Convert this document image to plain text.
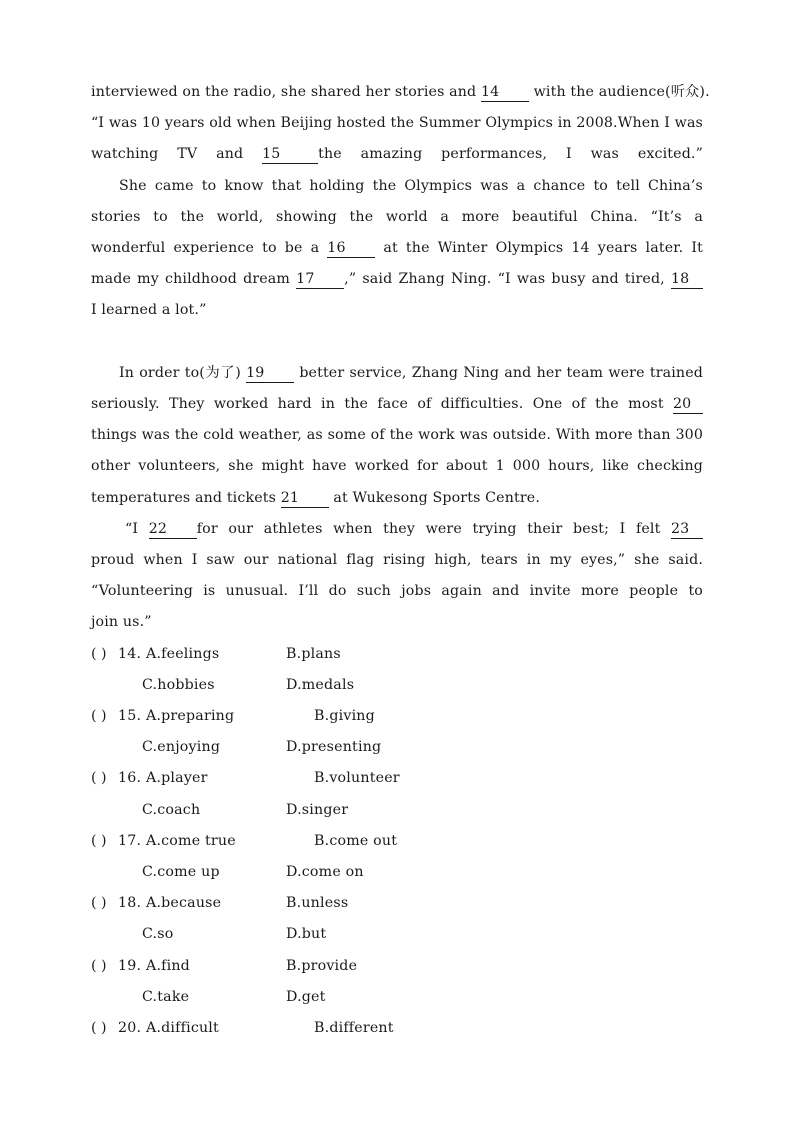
interviewed on the radio, she shared her stories and 14 with the audience(听众).
“I was 10 years old when Beijing hosted the Summer Olympics in 2008.When I was
watching TV and 15	the amazing performances, I was excited.”
She came to know that holding the Olympics was a chance to tell China’s
stories to the world, showing the world a more beautiful China. “It’s a
wonderful experience to be a 16 at the Winter Olympics 14 years later. It
made my childhood dream 17 ,” said Zhang Ning. “I was busy and tired, 18
I learned a lot.”
In order to(为了) 19 better service, Zhang Ning and her team were trained
seriously. They worked hard in the face of difficulties. One of the most 20
things was the cold weather, as some of the work was outside. With more than 300
other volunteers, she might have worked for about 1 000 hours, like checking
temperatures and tickets 21 at Wukesong Sports Centre.
“I 22 for our athletes when they were trying their best; I felt 23
proud when I saw our national flag rising high, tears in my eyes,” she said.
“Volunteering is unusual. I’ll do such jobs again and invite more people to
join us.”
( ) 14. A.feelings	B.plans
C.hobbies	D.medals
( ) 15. A.preparing	B.giving
C.enjoying	D.presenting
( ) 16. A.player	B.volunteer
C.coach	D.singer
( ) 17. A.come true	B.come out
C.come up	D.come on
( ) 18. A.because	B.unless
C.so	D.but
( ) 19. A.find	B.provide
C.take	D.get
( ) 20. A.difficult	B.different
